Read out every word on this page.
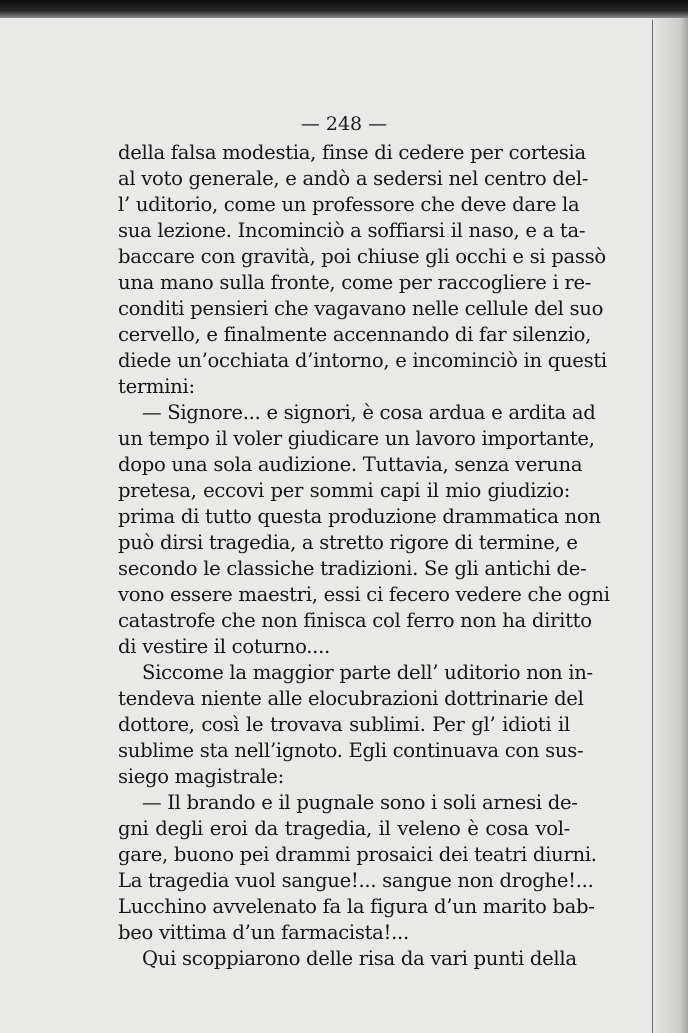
— 248 —
della falsa modestia, finse di cedere per cortesia
al voto generale, e andò a sedersi nel centro del-
l’ uditorio, come un professore che deve dare la
sua lezione. Incominciò a soffiarsi il naso, e a ta-
baccare con gravità, poi chiuse gli occhi e si passò
una mano sulla fronte, come per raccogliere i re-
conditi pensieri che vagavano nelle cellule del suo
cervello, e finalmente accennando di far silenzio,
diede un’occhiata d’intorno, e incominciò in questi
termini:
— Signore... e signori, è cosa ardua e ardita ad
un tempo il voler giudicare un lavoro importante,
dopo una sola audizione. Tuttavia, senza veruna
pretesa, eccovi per sommi capi il mio giudizio:
prima di tutto questa produzione drammatica non
può dirsi tragedia, a stretto rigore di termine, e
secondo le classiche tradizioni. Se gli antichi de-
vono essere maestri, essi ci fecero vedere che ogni
catastrofe che non finisca col ferro non ha diritto
di vestire il coturno....
Siccome la maggior parte dell’ uditorio non in-
tendeva niente alle elocubrazioni dottrinarie del
dottore, così le trovava sublimi. Per gl’ idioti il
sublime sta nell’ignoto. Egli continuava con sus-
siego magistrale:
— Il brando e il pugnale sono i soli arnesi de-
gni degli eroi da tragedia, il veleno è cosa vol-
gare, buono pei drammi prosaici dei teatri diurni.
La tragedia vuol sangue!... sangue non droghe!...
Lucchino avvelenato fa la figura d’un marito bab-
beo vittima d’un farmacista!...
Qui scoppiarono delle risa da vari punti della
